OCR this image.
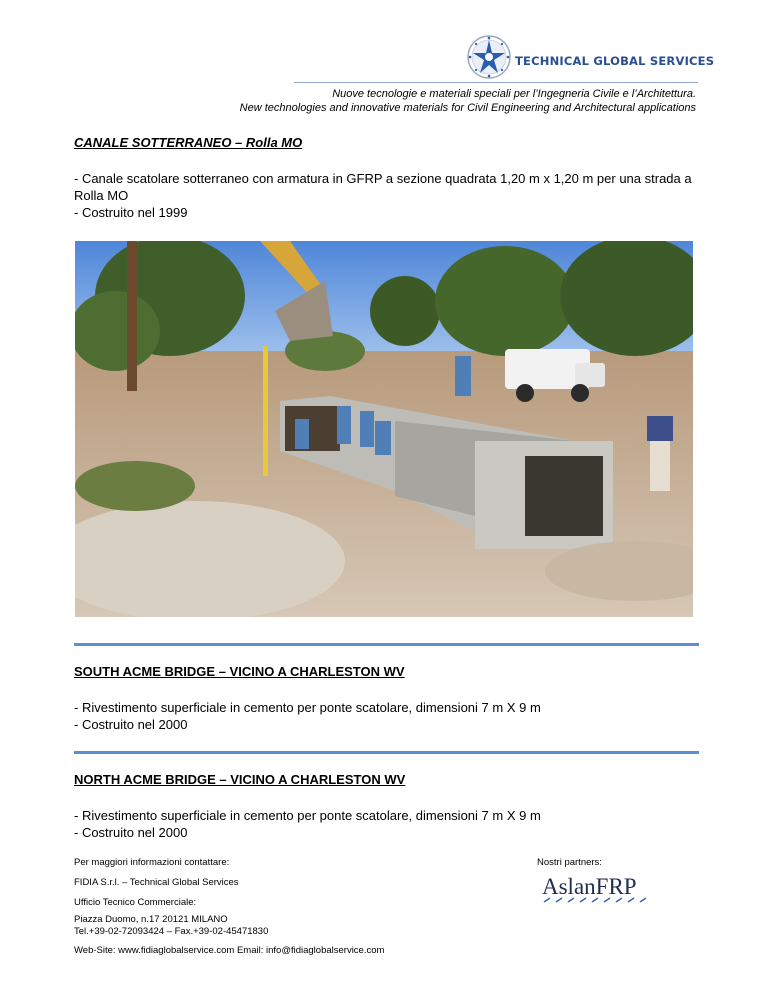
TECHNICAL GLOBAL SERVICES
Nuove tecnologie e materiali speciali per l’Ingegneria Civile e l’Architettura.
New technologies and innovative materials for Civil Engineering and Architectural applications
CANALE SOTTERRANEO – Rolla MO
- Canale scatolare sotterraneo con armatura in GFRP a sezione quadrata 1,20 m x 1,20 m per una strada a Rolla MO
- Costruito nel 1999
SOUTH ACME BRIDGE – VICINO A CHARLESTON WV
- Rivestimento superficiale in cemento per ponte scatolare, dimensioni 7 m X 9 m
- Costruito nel 2000
NORTH ACME BRIDGE – VICINO A CHARLESTON WV
- Rivestimento superficiale in cemento per ponte scatolare, dimensioni 7 m X 9 m
- Costruito nel 2000
Per maggiori informazioni contattare:
FIDIA S.r.l. – Technical Global Services
Ufficio Tecnico Commerciale:
Piazza Duomo, n.17 20121 MILANO
Tel.+39-02-72093424 – Fax.+39-02-45471830
Web-Site: www.fidiaglobalservice.com Email: info@fidiaglobalservice.com
Nostri partners:
AslanFRP
